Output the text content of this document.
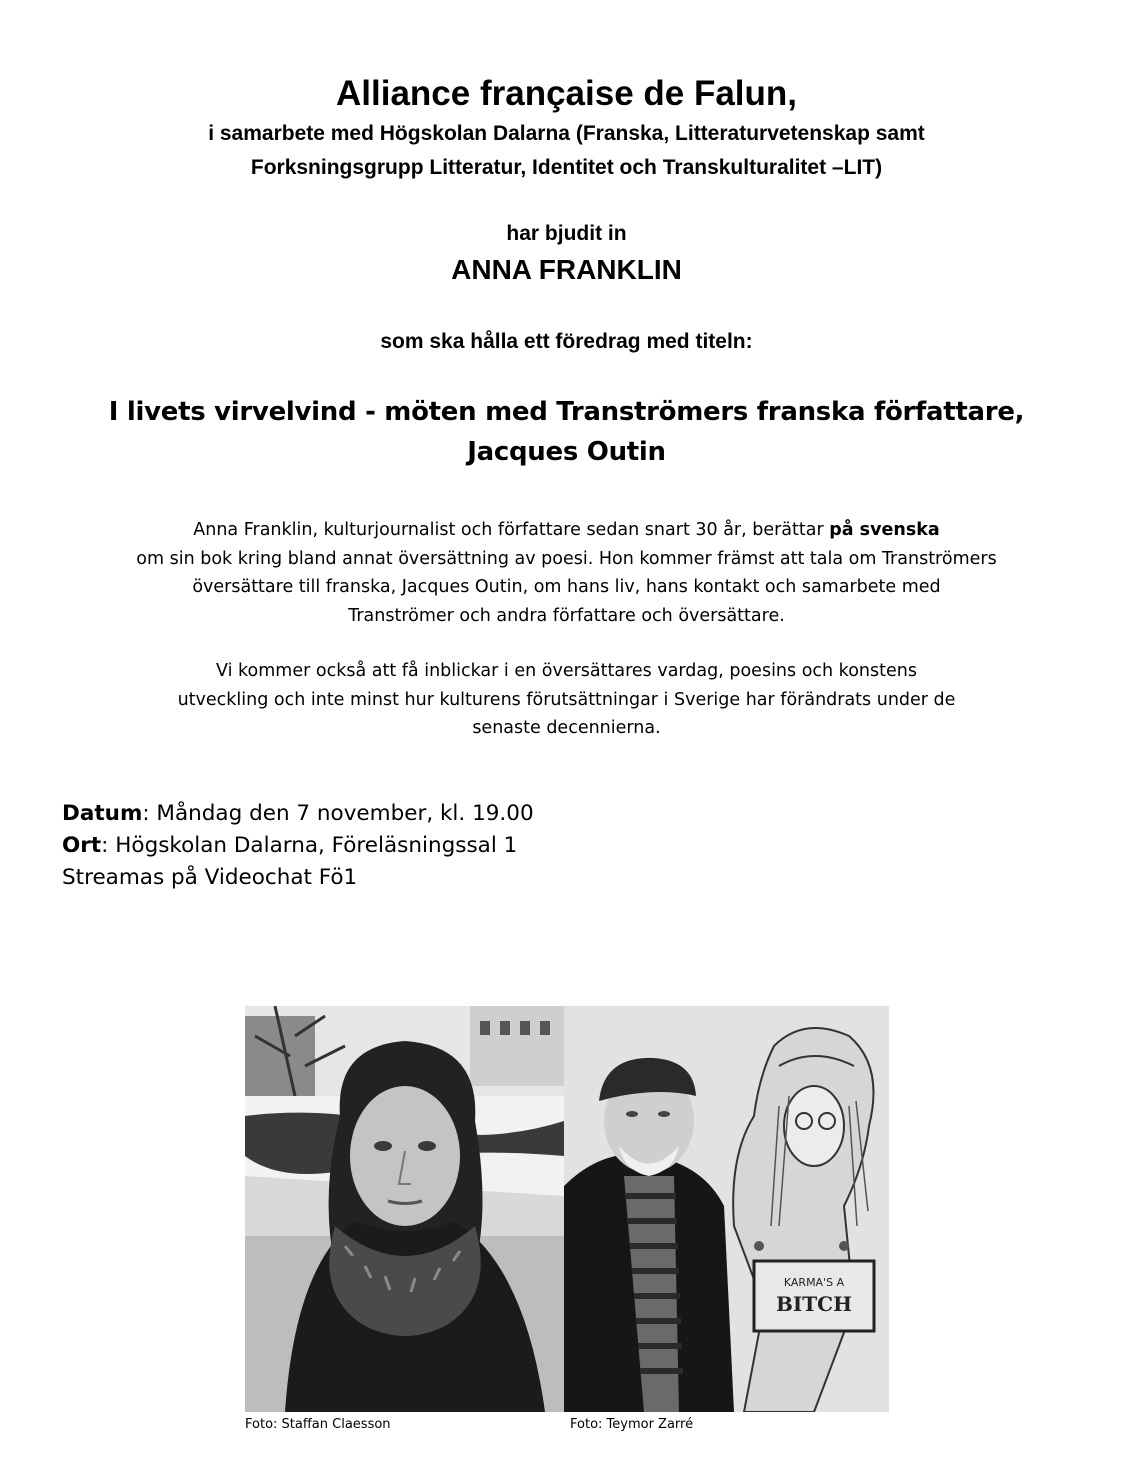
Alliance française de Falun,
i samarbete med Högskolan Dalarna (Franska, Litteraturvetenskap samt
Forksningsgrupp Litteratur, Identitet och Transkulturalitet –LIT)
har bjudit in
ANNA FRANKLIN
som ska hålla ett föredrag med titeln:
I livets virvelvind - möten med Tranströmers franska författare,
Jacques Outin
Anna Franklin, kulturjournalist och författare sedan snart 30 år, berättar på svenska
om sin bok kring bland annat översättning av poesi. Hon kommer främst att tala om Tranströmers
översättare till franska, Jacques Outin, om hans liv, hans kontakt och samarbete med
Tranströmer och andra författare och översättare.
Vi kommer också att få inblickar i en översättares vardag, poesins och konstens
utveckling och inte minst hur kulturens förutsättningar i Sverige har förändrats under de
senaste decennierna.
Datum: Måndag den 7 november, kl. 19.00
Ort: Högskolan Dalarna, Föreläsningssal 1
Streamas på Videochat Fö1
KARMA'S A
BITCH
Foto: Staffan Claesson	Foto: Teymor Zarré
